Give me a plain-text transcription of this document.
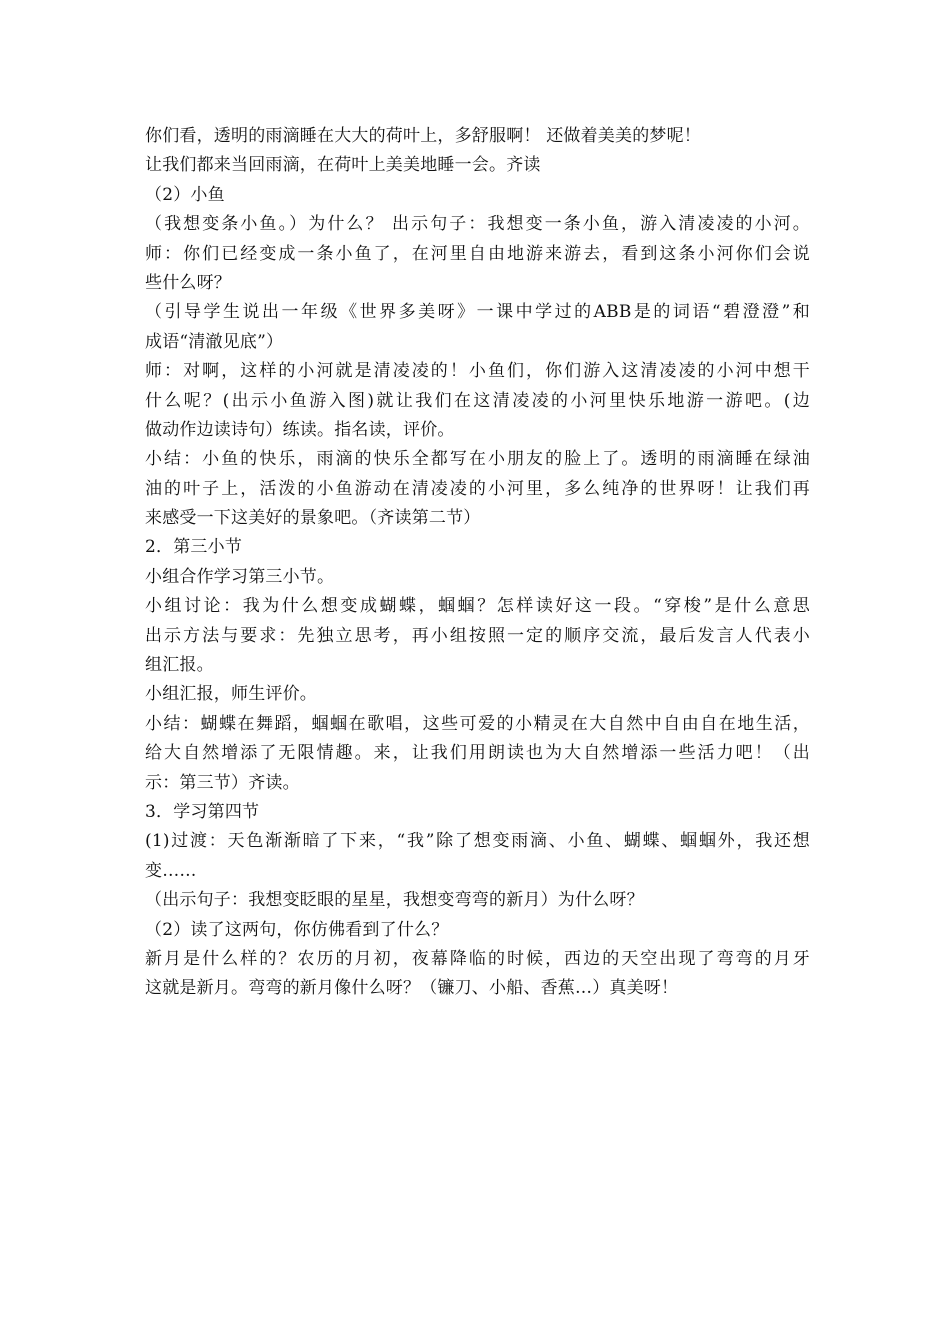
你们看，透明的雨滴睡在大大的荷叶上，多舒服啊！ 还做着美美的梦呢！
让我们都来当回雨滴，在荷叶上美美地睡一会。齐读
（2）小鱼
（我想变条小鱼。）为什么？ 出示句子：我想变一条小鱼，游入清凌凌的小河。
师：你们已经变成一条小鱼了，在河里自由地游来游去，看到这条小河你们会说
些什么呀？
（引导学生说出一年级《世界多美呀》一课中学过的ABB是的词语“碧澄澄”和
成语“清澈见底”）
师：对啊，这样的小河就是清凌凌的！小鱼们，你们游入这清凌凌的小河中想干
什么呢？(出示小鱼游入图)就让我们在这清凌凌的小河里快乐地游一游吧。(边
做动作边读诗句）练读。指名读，评价。
小结：小鱼的快乐，雨滴的快乐全都写在小朋友的脸上了。透明的雨滴睡在绿油
油的叶子上，活泼的小鱼游动在清凌凌的小河里，多么纯净的世界呀！让我们再
来感受一下这美好的景象吧。（齐读第二节）
2．第三小节
小组合作学习第三小节。
小组讨论：我为什么想变成蝴蝶，蝈蝈？怎样读好这一段。“穿梭”是什么意思
出示方法与要求：先独立思考，再小组按照一定的顺序交流，最后发言人代表小
组汇报。
小组汇报，师生评价。
小结：蝴蝶在舞蹈，蝈蝈在歌唱，这些可爱的小精灵在大自然中自由自在地生活，
给大自然增添了无限情趣。来，让我们用朗读也为大自然增添一些活力吧！（出
示：第三节）齐读。
3．学习第四节
(1)过渡：天色渐渐暗了下来，“我”除了想变雨滴、小鱼、蝴蝶、蝈蝈外，我还想
变……
（出示句子：我想变眨眼的星星，我想变弯弯的新月）为什么呀？
（2）读了这两句，你仿佛看到了什么？
新月是什么样的？农历的月初，夜幕降临的时候，西边的天空出现了弯弯的月牙
这就是新月。弯弯的新月像什么呀？（镰刀、小船、香蕉…）真美呀！
